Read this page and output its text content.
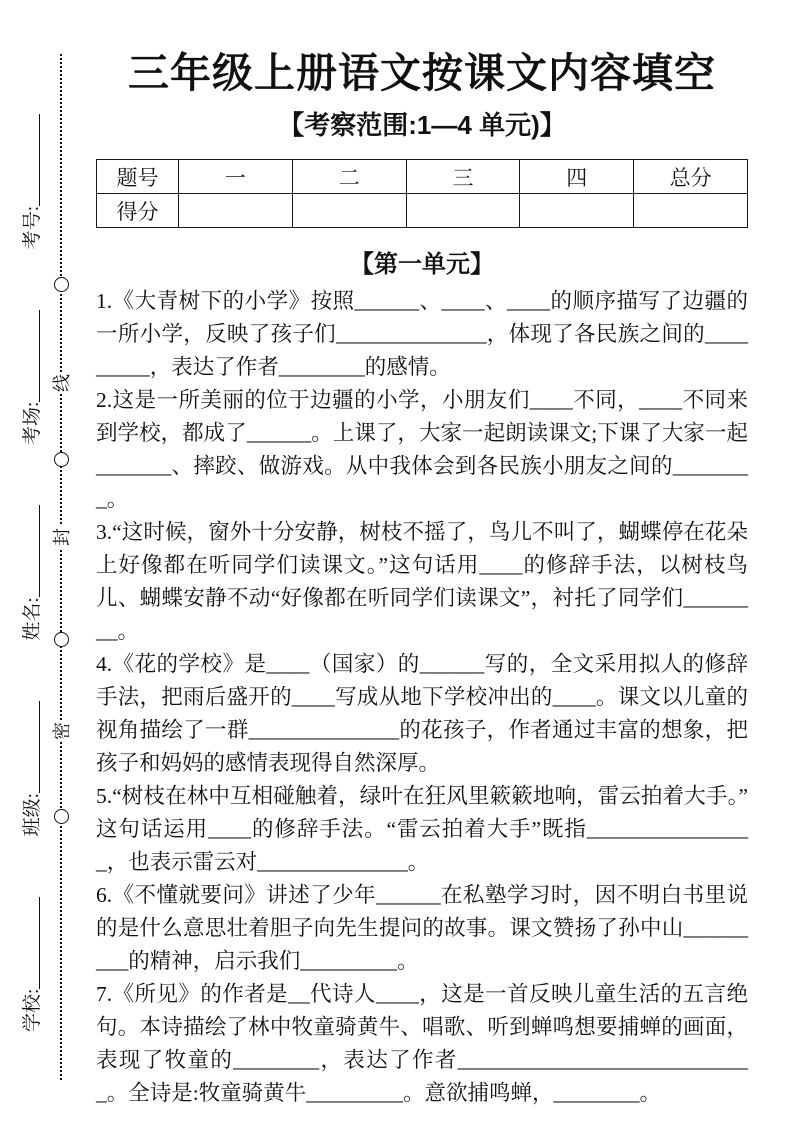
学校:
班级:
姓名:
考场:
考号:
线
封
密
三年级上册语文按课文内容填空
【考察范围:1—4 单元)】
题号	一	二	三	四	总分
得分					
【第一单元】

1.《大青树下的小学》按照______、____、____的顺序描写了边疆的一所小学，反映了孩子们______________，体现了各民族之间的_________，表达了作者________的感情。

2.这是一所美丽的位于边疆的小学，小朋友们____不同，____不同来到学校，都成了______。上课了，大家一起朗读课文;下课了大家一起_______、摔跤、做游戏。从中我体会到各民族小朋友之间的________。

3.“这时候，窗外十分安静，树枝不摇了，鸟儿不叫了，蝴蝶停在花朵上好像都在听同学们读课文。”这句话用____的修辞手法，以树枝鸟儿、蝴蝶安静不动“好像都在听同学们读课文”，衬托了同学们________。

4.《花的学校》是____（国家）的______写的，全文采用拟人的修辞手法，把雨后盛开的____写成从地下学校冲出的____。课文以儿童的视角描绘了一群______________的花孩子，作者通过丰富的想象，把孩子和妈妈的感情表现得自然深厚。

5.“树枝在林中互相碰触着，绿叶在狂风里簌簌地响，雷云拍着大手。”这句话运用____的修辞手法。“雷云拍着大手”既指________________，也表示雷云对______________。

6.《不懂就要问》讲述了少年______在私塾学习时，因不明白书里说的是什么意思壮着胆子向先生提问的故事。课文赞扬了孙中山_________的精神，启示我们_________。

7.《所见》的作者是__代诗人____，这是一首反映儿童生活的五言绝句。本诗描绘了林中牧童骑黄牛、唱歌、听到蝉鸣想要捕蝉的画面，表现了牧童的________，表达了作者____________________________。全诗是:牧童骑黄牛_________。意欲捕鸣蝉，________。
